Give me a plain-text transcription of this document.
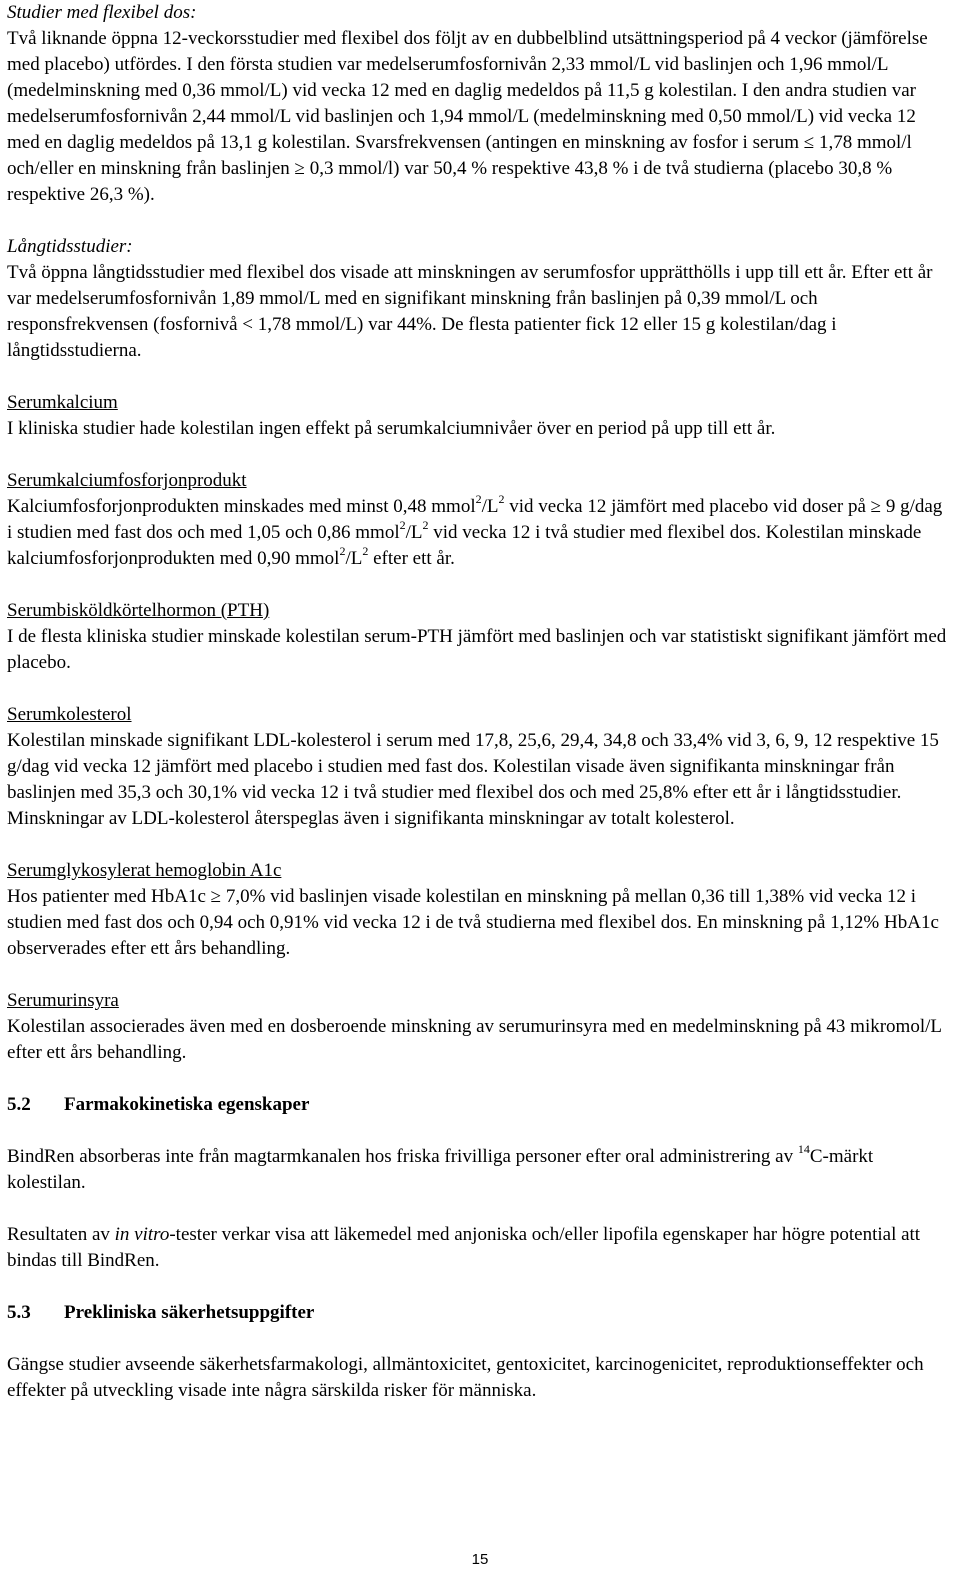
Studier med flexibel dos:

Två liknande öppna 12-veckorsstudier med flexibel dos följt av en dubbelblind utsättningsperiod på 4 veckor (jämförelse med placebo) utfördes. I den första studien var medelserumfosfornivån 2,33 mmol/L vid baslinjen och 1,96 mmol/L (medelminskning med 0,36 mmol/L) vid vecka 12 med en daglig medeldos på 11,5 g kolestilan. I den andra studien var medelserumfosfornivån 2,44 mmol/L vid baslinjen och 1,94 mmol/L (medelminskning med 0,50 mmol/L) vid vecka 12 med en daglig medeldos på 13,1 g kolestilan. Svarsfrekvensen (antingen en minskning av fosfor i serum ≤ 1,78 mmol/l och/eller en minskning från baslinjen ≥ 0,3 mmol/l) var 50,4 % respektive 43,8 % i de två studierna (placebo 30,8 % respektive 26,3 %).

Långtidsstudier:

Två öppna långtidsstudier med flexibel dos visade att minskningen av serumfosfor upprätthölls i upp till ett år. Efter ett år var medelserumfosfornivån 1,89 mmol/L med en signifikant minskning från baslinjen på 0,39 mmol/L och responsfrekvensen (fosfornivå < 1,78 mmol/L) var 44%. De flesta patienter fick 12 eller 15 g kolestilan/dag i långtidsstudierna.

Serumkalcium

I kliniska studier hade kolestilan ingen effekt på serumkalciumnivåer över en period på upp till ett år.

Serumkalciumfosforjonprodukt

Kalciumfosforjonprodukten minskades med minst 0,48 $mmol^2/L^2$ vid vecka 12 jämfört med placebo vid doser på ≥ 9 g/dag i studien med fast dos och med 1,05 och 0,86 $mmol^2/L^2$ vid vecka 12 i två studier med flexibel dos. Kolestilan minskade kalciumfosforjonprodukten med 0,90 $mmol^2/L^2$ efter ett år.

Serumbisköldkörtelhormon (PTH)

I de flesta kliniska studier minskade kolestilan serum-PTH jämfört med baslinjen och var statistiskt signifikant jämfört med placebo.

Serumkolesterol

Kolestilan minskade signifikant LDL-kolesterol i serum med 17,8, 25,6, 29,4, 34,8 och 33,4% vid 3, 6, 9, 12 respektive 15 g/dag vid vecka 12 jämfört med placebo i studien med fast dos. Kolestilan visade även signifikanta minskningar från baslinjen med 35,3 och 30,1% vid vecka 12 i två studier med flexibel dos och med 25,8% efter ett år i långtidsstudier. Minskningar av LDL-kolesterol återspeglas även i signifikanta minskningar av totalt kolesterol.

Serumglykosylerat hemoglobin A1c

Hos patienter med HbA1c ≥ 7,0% vid baslinjen visade kolestilan en minskning på mellan 0,36 till 1,38% vid vecka 12 i studien med fast dos och 0,94 och 0,91% vid vecka 12 i de två studierna med flexibel dos. En minskning på 1,12% HbA1c observerades efter ett års behandling.

Serumurinsyra

Kolestilan associerades även med en dosberoende minskning av serumurinsyra med en medelminskning på 43 mikromol/L efter ett års behandling.

5.2	Farmakokinetiska egenskaper

BindRen absorberas inte från magtarmkanalen hos friska frivilliga personer efter oral administrering av $^{14}$C-märkt kolestilan.

Resultaten av in vitro-tester verkar visa att läkemedel med anjoniska och/eller lipofila egenskaper har högre potential att bindas till BindRen.

5.3	Prekliniska säkerhetsuppgifter

Gängse studier avseende säkerhetsfarmakologi, allmäntoxicitet, gentoxicitet, karcinogenicitet, reproduktionseffekter och effekter på utveckling visade inte några särskilda risker för människa.

15
